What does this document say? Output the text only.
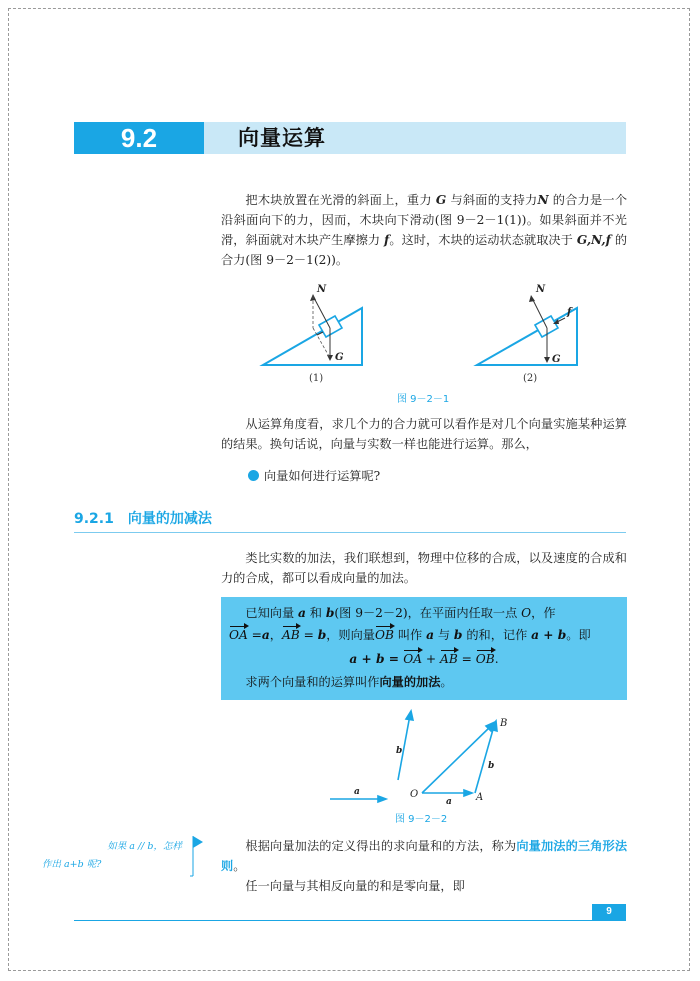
9.2	向量运算

把木块放置在光滑的斜面上，重力 G 与斜面的支持力N 的合力是一个沿斜面向下的力，因而，木块向下滑动(图 9－2－1(1))。如果斜面并不光滑，斜面就对木块产生摩擦力 f。这时，木块的运动状态就取决于 G,N,f 的合力(图 9－2－1(2))。

N
G
N
f
G
(1)	(2)
图 9－2－1

从运算角度看，求几个力的合力就可以看作是对几个向量实施某种运算的结果。换句话说，向量与实数一样也能进行运算。那么，

向量如何进行运算呢?
9.2.1 向量的加减法

类比实数的加法，我们联想到，物理中位移的合成，以及速度的合成和力的合成，都可以看成向量的加法。

已知向量 a 和 b(图 9－2－2)，在平面内任取一点 O，作
OA =a，AB = b，则向量OB 叫作 a 与 b 的和，记作 a + b。即
a + b = OA + AB = OB.
求两个向量和的运算叫作向量的加法。
a
b
O
a A
b
B
图 9－2－2
如果 a // b，怎样
作出 a+b 呢?

根据向量加法的定义得出的求向量和的方法，称为向量加法的三角形法则。

任一向量与其相反向量的和是零向量，即

9
